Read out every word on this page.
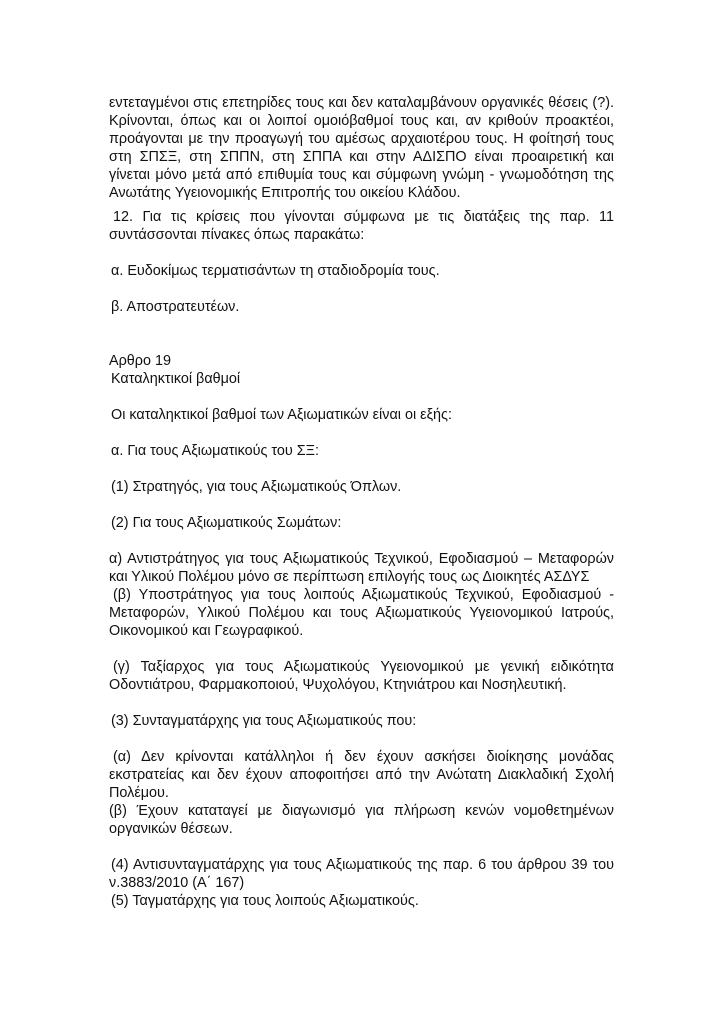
εντεταγμένοι στις επετηρίδες τους και δεν καταλαμβάνουν οργανικές θέσεις (?). Κρίνονται, όπως και οι λοιποί ομοιόβαθμοί τους και, αν κριθούν προακτέοι, προάγονται με την προαγωγή του αμέσως αρχαιοτέρου τους. Η φοίτησή τους στη ΣΠΣΞ, στη ΣΠΠΝ, στη ΣΠΠΑ και στην ΑΔΙΣΠΟ είναι προαιρετική και γίνεται μόνο μετά από επιθυμία τους και σύμφωνη γνώμη - γνωμοδότηση της Ανωτάτης Υγειονομικής Επιτροπής του οικείου Κλάδου.

12. Για τις κρίσεις που γίνονται σύμφωνα με τις διατάξεις της παρ. 11 συντάσσονται πίνακες όπως παρακάτω:

α. Ευδοκίμως τερματισάντων τη σταδιοδρομία τους.

β. Αποστρατευτέων.

Αρθρο 19

Καταληκτικοί βαθμοί

Οι καταληκτικοί βαθμοί των Αξιωματικών είναι οι εξής:

α. Για τους Αξιωματικούς του ΣΞ:

(1) Στρατηγός, για τους Αξιωματικούς Όπλων.

(2) Για τους Αξιωματικούς Σωμάτων:

α) Αντιστράτηγος για τους Αξιωματικούς Τεχνικού, Εφοδιασμού – Μεταφορών και Υλικού Πολέμου μόνο σε περίπτωση επιλογής τους ως Διοικητές ΑΣΔΥΣ

(β) Υποστράτηγος για τους λοιπούς Αξιωματικούς Τεχνικού, Εφοδιασμού - Μεταφορών, Υλικού Πολέμου και τους Αξιωματικούς Υγειονομικού Ιατρούς, Οικονομικού και Γεωγραφικού.

(γ) Ταξίαρχος για τους Αξιωματικούς Υγειονομικού με γενική ειδικότητα Οδοντιάτρου, Φαρμακοποιού, Ψυχολόγου, Κτηνιάτρου και Νοσηλευτική.

(3) Συνταγματάρχης για τους Αξιωματικούς που:

(α) Δεν κρίνονται κατάλληλοι ή δεν έχουν ασκήσει διοίκησης μονάδας εκστρατείας και δεν έχουν αποφοιτήσει από την Ανώτατη Διακλαδική Σχολή Πολέμου.

(β) Έχουν καταταγεί με διαγωνισμό για πλήρωση κενών νομοθετημένων οργανικών θέσεων.

(4) Αντισυνταγματάρχης για τους Αξιωματικούς της παρ. 6 του άρθρου 39 του ν.3883/2010 (Α΄ 167)

(5) Ταγματάρχης για τους λοιπούς Αξιωματικούς.
